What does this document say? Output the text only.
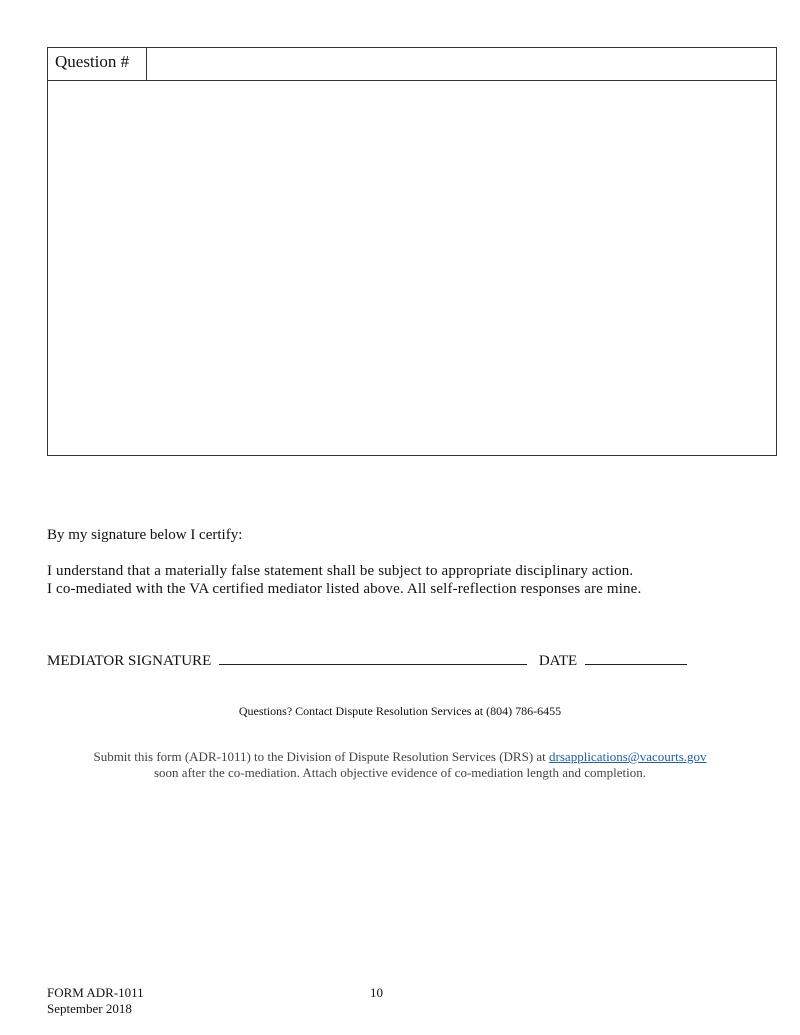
Question #
By my signature below I certify:
I understand that a materially false statement shall be subject to appropriate disciplinary action.
I co-mediated with the VA certified mediator listed above. All self-reflection responses are mine.
MEDIATOR SIGNATURE	DATE
Questions? Contact Dispute Resolution Services at (804) 786-6455
Submit this form (ADR-1011) to the Division of Dispute Resolution Services (DRS) at drsapplications@vacourts.gov
soon after the co-mediation. Attach objective evidence of co-mediation length and completion.
FORM ADR-1011
September 2018
10
